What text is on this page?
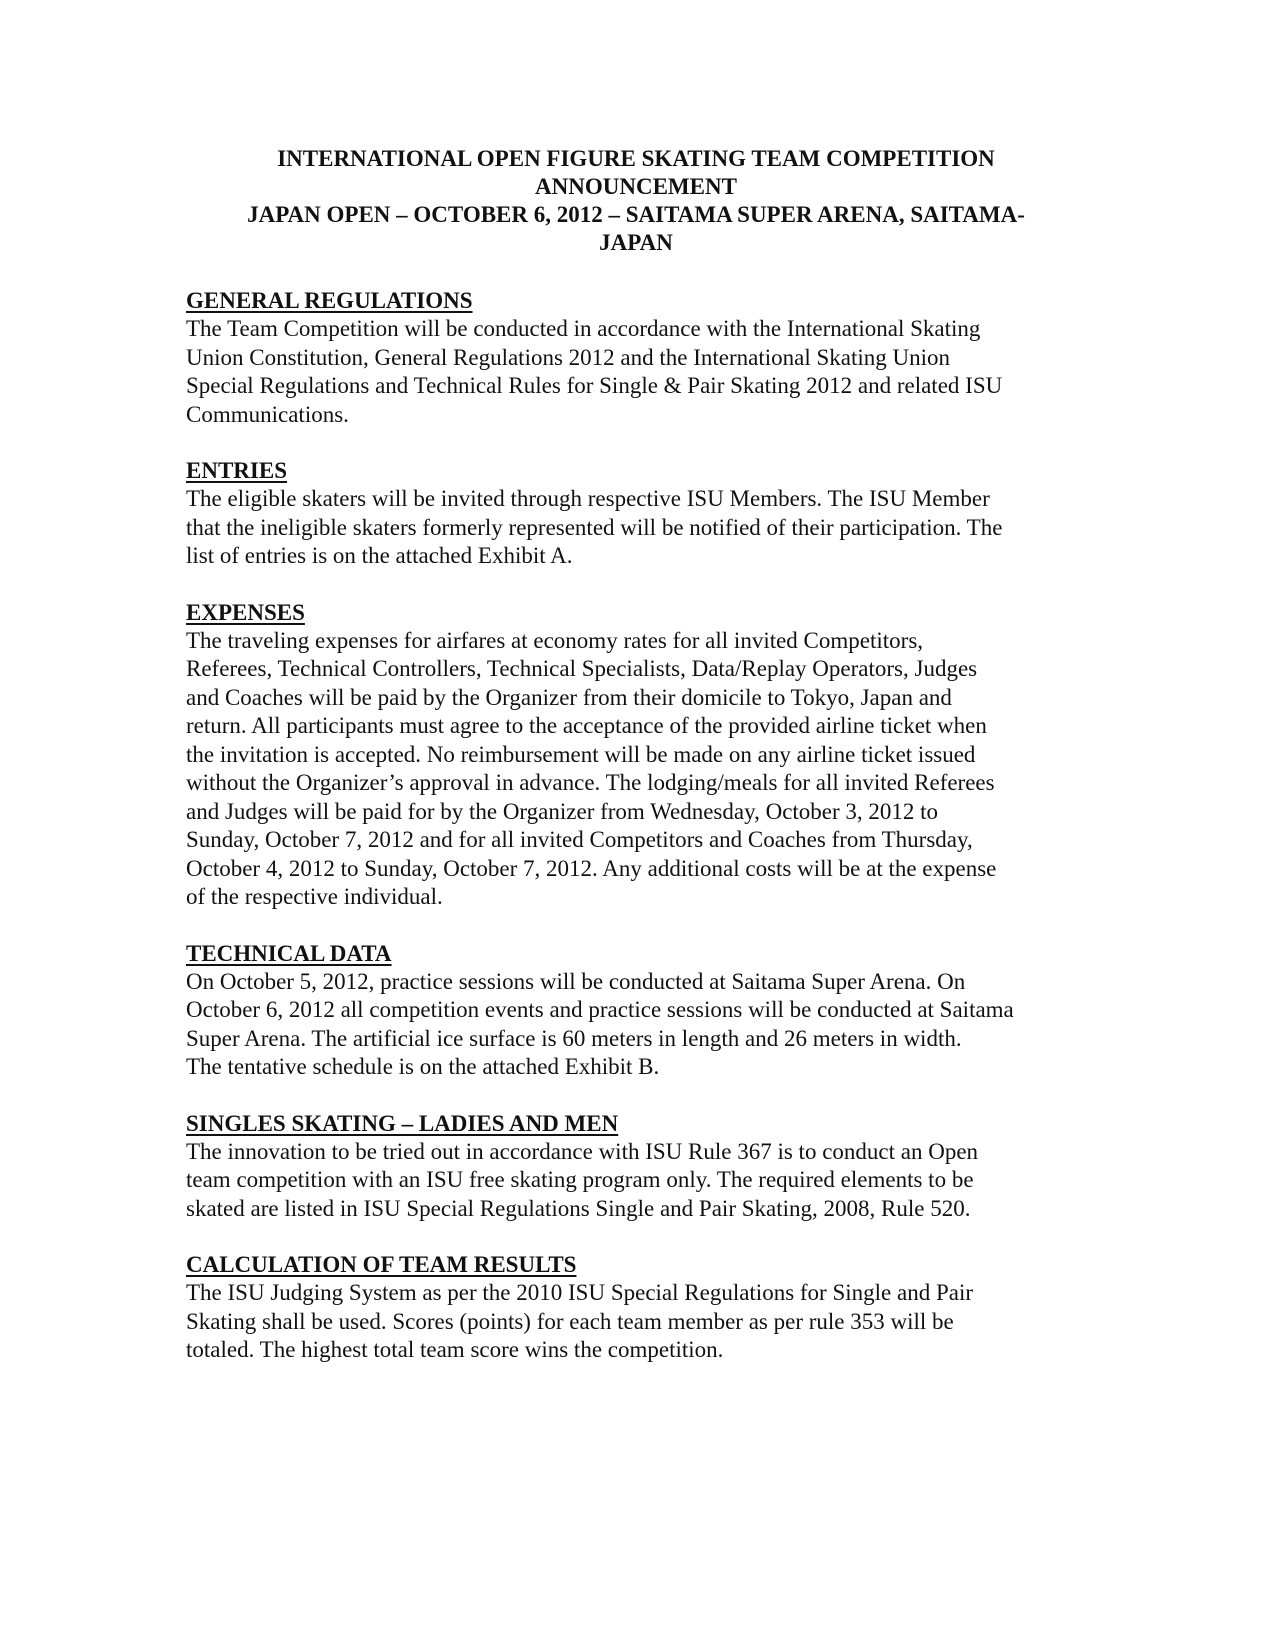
INTERNATIONAL OPEN FIGURE SKATING TEAM COMPETITION
ANNOUNCEMENT
JAPAN OPEN – OCTOBER 6, 2012 – SAITAMA SUPER ARENA, SAITAMA-
JAPAN
GENERAL REGULATIONS

The Team Competition will be conducted in accordance with the International Skating
Union Constitution, General Regulations 2012 and the International Skating Union
Special Regulations and Technical Rules for Single & Pair Skating 2012 and related ISU
Communications.

ENTRIES

The eligible skaters will be invited through respective ISU Members. The ISU Member
that the ineligible skaters formerly represented will be notified of their participation. The
list of entries is on the attached Exhibit A.

EXPENSES

The traveling expenses for airfares at economy rates for all invited Competitors,
Referees, Technical Controllers, Technical Specialists, Data/Replay Operators, Judges
and Coaches will be paid by the Organizer from their domicile to Tokyo, Japan and
return. All participants must agree to the acceptance of the provided airline ticket when
the invitation is accepted. No reimbursement will be made on any airline ticket issued
without the Organizer’s approval in advance. The lodging/meals for all invited Referees
and Judges will be paid for by the Organizer from Wednesday, October 3, 2012 to
Sunday, October 7, 2012 and for all invited Competitors and Coaches from Thursday,
October 4, 2012 to Sunday, October 7, 2012. Any additional costs will be at the expense
of the respective individual.

TECHNICAL DATA

On October 5, 2012, practice sessions will be conducted at Saitama Super Arena. On
October 6, 2012 all competition events and practice sessions will be conducted at Saitama
Super Arena. The artificial ice surface is 60 meters in length and 26 meters in width.
The tentative schedule is on the attached Exhibit B.

SINGLES SKATING – LADIES AND MEN

The innovation to be tried out in accordance with ISU Rule 367 is to conduct an Open
team competition with an ISU free skating program only. The required elements to be
skated are listed in ISU Special Regulations Single and Pair Skating, 2008, Rule 520.

CALCULATION OF TEAM RESULTS

The ISU Judging System as per the 2010 ISU Special Regulations for Single and Pair
Skating shall be used. Scores (points) for each team member as per rule 353 will be
totaled. The highest total team score wins the competition.
